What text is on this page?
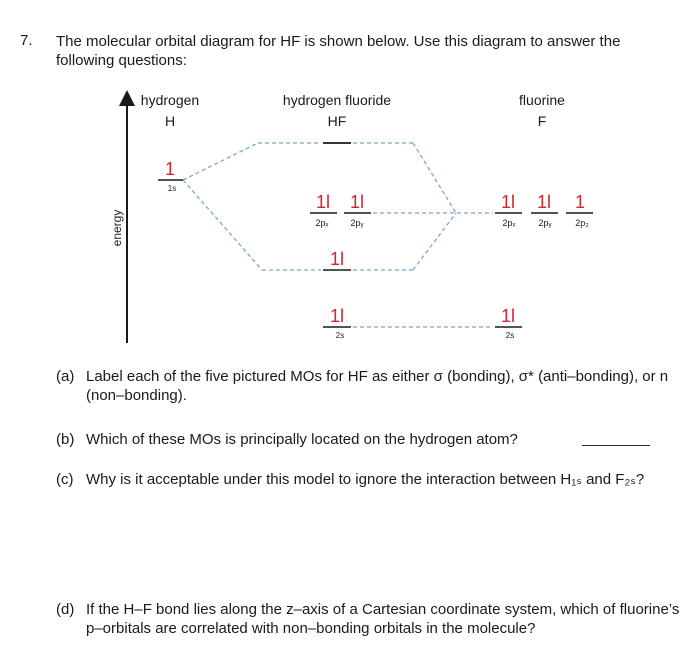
7. The molecular orbital diagram for HF is shown below. Use this diagram to answer the following questions:
energy
hydrogen
H
hydrogen fluoride
HF
fluorine
F
1
1s
1l
2pₓ
1l
2pᵧ
1l
1l
2s
1l
2pₓ
1l
2pᵧ
1
2p₂
1l
2s
(a) Label each of the five pictured MOs for HF as either σ (bonding), σ* (anti–bonding), or n (non–bonding).
(b) Which of these MOs is principally located on the hydrogen atom?
(c) Why is it acceptable under this model to ignore the interaction between H₁ₛ and F₂ₛ?
(d) If the H–F bond lies along the z–axis of a Cartesian coordinate system, which of fluorine’s p–orbitals are correlated with non–bonding orbitals in the molecule?
